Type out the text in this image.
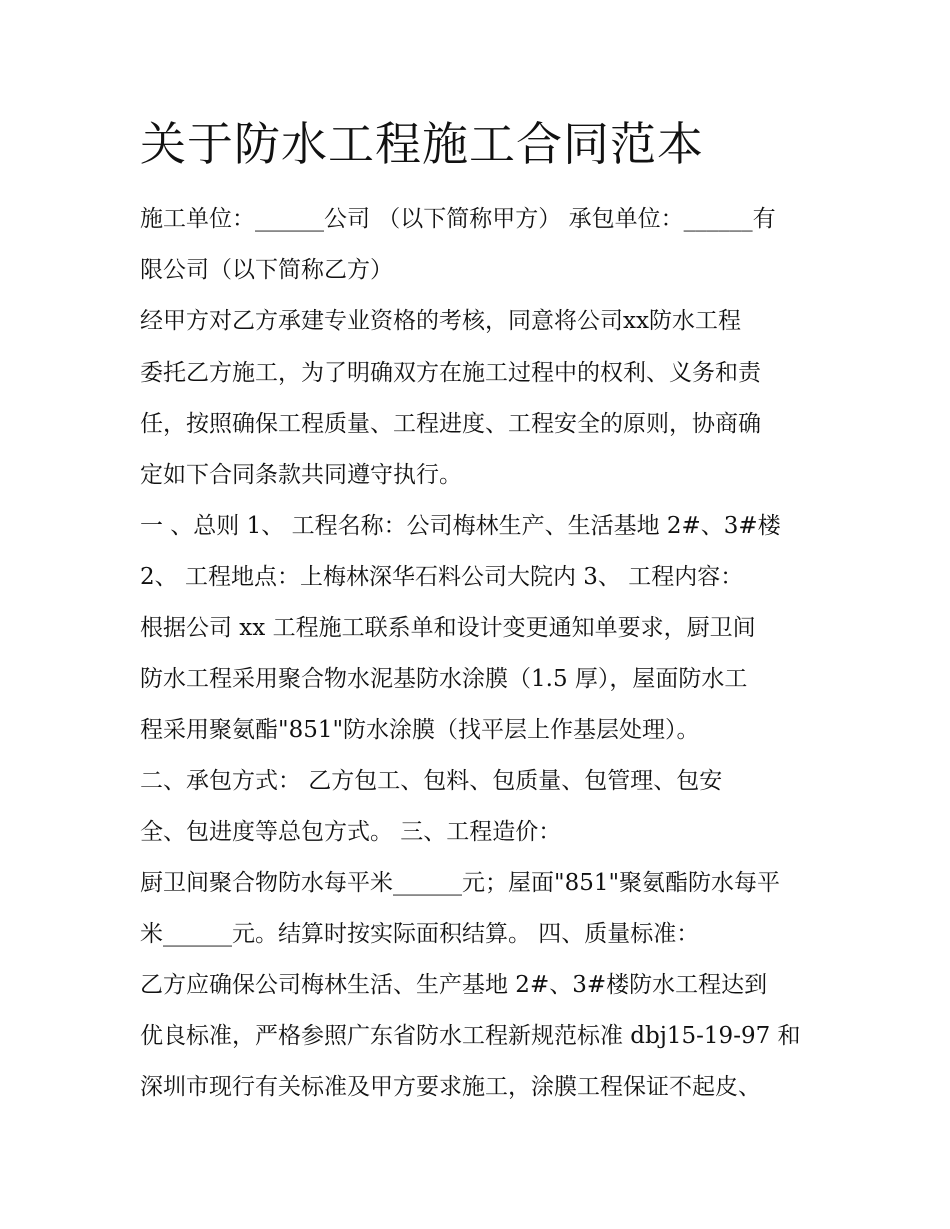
关于防水工程施工合同范本
施工单位：______公司 （以下简称甲方） 承包单位：______有
限公司（以下简称乙方）
经甲方对乙方承建专业资格的考核，同意将公司xx防水工程
委托乙方施工，为了明确双方在施工过程中的权利、义务和责
任，按照确保工程质量、工程进度、工程安全的原则，协商确
定如下合同条款共同遵守执行。
一 、总则 1、 工程名称：公司梅林生产、生活基地 2#、3#楼
2、 工程地点：上梅林深华石料公司大院内 3、 工程内容：
根据公司 xx 工程施工联系单和设计变更通知单要求，厨卫间
防水工程采用聚合物水泥基防水涂膜（1.5 厚），屋面防水工
程采用聚氨酯"851"防水涂膜（找平层上作基层处理）。
二、承包方式： 乙方包工、包料、包质量、包管理、包安
全、包进度等总包方式。 三、工程造价：
厨卫间聚合物防水每平米______元；屋面"851"聚氨酯防水每平
米______元。结算时按实际面积结算。 四、质量标准：
乙方应确保公司梅林生活、生产基地 2#、3#楼防水工程达到
优良标准，严格参照广东省防水工程新规范标准 dbj15-19-97 和
深圳市现行有关标准及甲方要求施工，涂膜工程保证不起皮、
